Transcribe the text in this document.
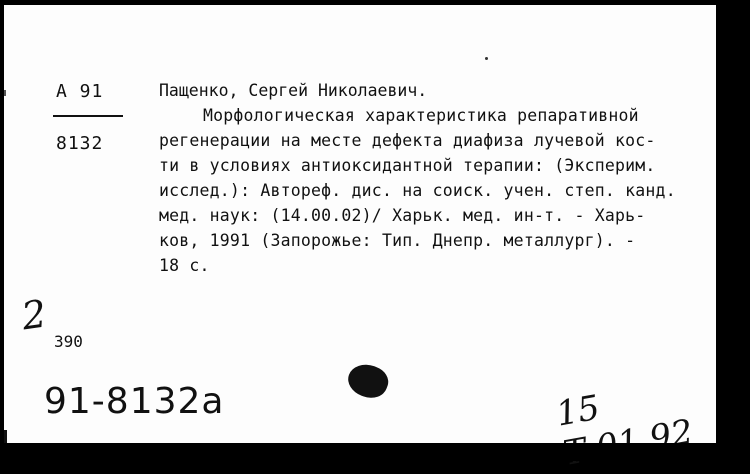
А 91
8132
Пащенко, Сергей Николаевич.
Морфологическая характеристика репаративной
регенерации на месте дефекта диафиза лучевой кос-
ти в условиях антиоксидантной терапии: (Эксперим.
исслед.): Автореф. дис. на соиск. учен. степ. канд.
мед. наук: (14.00.02)/ Харьк. мед. ин-т. - Харь-
ков, 1991 (Запорожье: Тип. Днепр. металлург). -
18 с.
2
390
91-8132а	15
